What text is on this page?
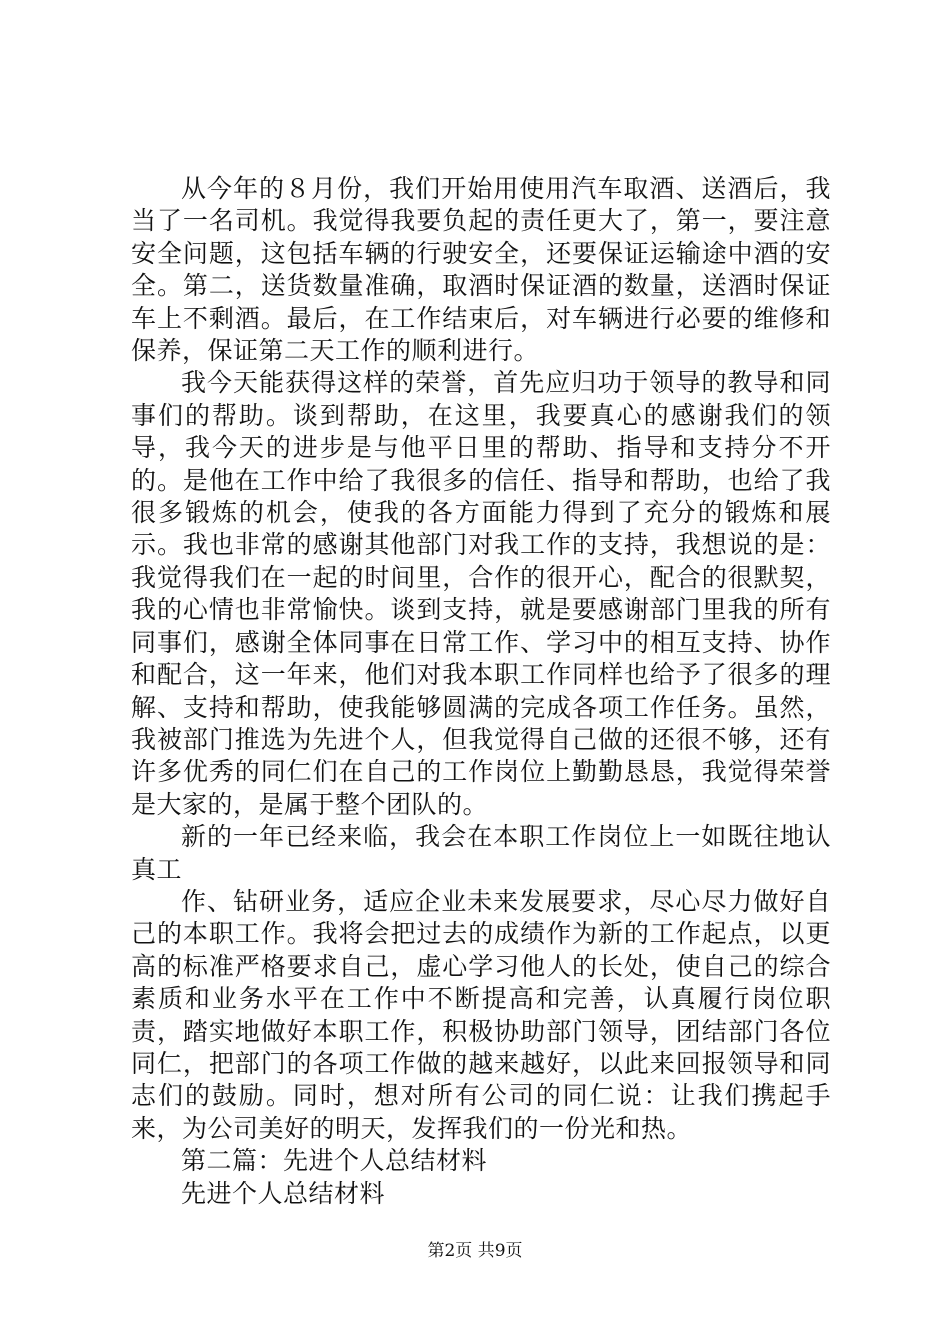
从今年的８月份，我们开始用使用汽车取酒、送酒后，我当了一名司机。我觉得我要负起的责任更大了，第一，要注意安全问题，这包括车辆的行驶安全，还要保证运输途中酒的安全。第二，送货数量准确，取酒时保证酒的数量，送酒时保证车上不剩酒。最后，在工作结束后，对车辆进行必要的维修和保养，保证第二天工作的顺利进行。

我今天能获得这样的荣誉，首先应归功于领导的教导和同事们的帮助。谈到帮助，在这里，我要真心的感谢我们的领导，我今天的进步是与他平日里的帮助、指导和支持分不开的。是他在工作中给了我很多的信任、指导和帮助，也给了我很多锻炼的机会，使我的各方面能力得到了充分的锻炼和展示。我也非常的感谢其他部门对我工作的支持，我想说的是：我觉得我们在一起的时间里，合作的很开心，配合的很默契，我的心情也非常愉快。谈到支持，就是要感谢部门里我的所有同事们，感谢全体同事在日常工作、学习中的相互支持、协作和配合，这一年来，他们对我本职工作同样也给予了很多的理解、支持和帮助，使我能够圆满的完成各项工作任务。虽然，我被部门推选为先进个人，但我觉得自己做的还很不够，还有许多优秀的同仁们在自己的工作岗位上勤勤恳恳，我觉得荣誉是大家的，是属于整个团队的。

新的一年已经来临，我会在本职工作岗位上一如既往地认真工

作、钻研业务，适应企业未来发展要求，尽心尽力做好自己的本职工作。我将会把过去的成绩作为新的工作起点，以更高的标准严格要求自己，虚心学习他人的长处，使自己的综合素质和业务水平在工作中不断提高和完善，认真履行岗位职责，踏实地做好本职工作，积极协助部门领导，团结部门各位同仁，把部门的各项工作做的越来越好，以此来回报领导和同志们的鼓励。同时，想对所有公司的同仁说：让我们携起手来，为公司美好的明天，发挥我们的一份光和热。

第二篇：先进个人总结材料

先进个人总结材料

第2页 共9页
